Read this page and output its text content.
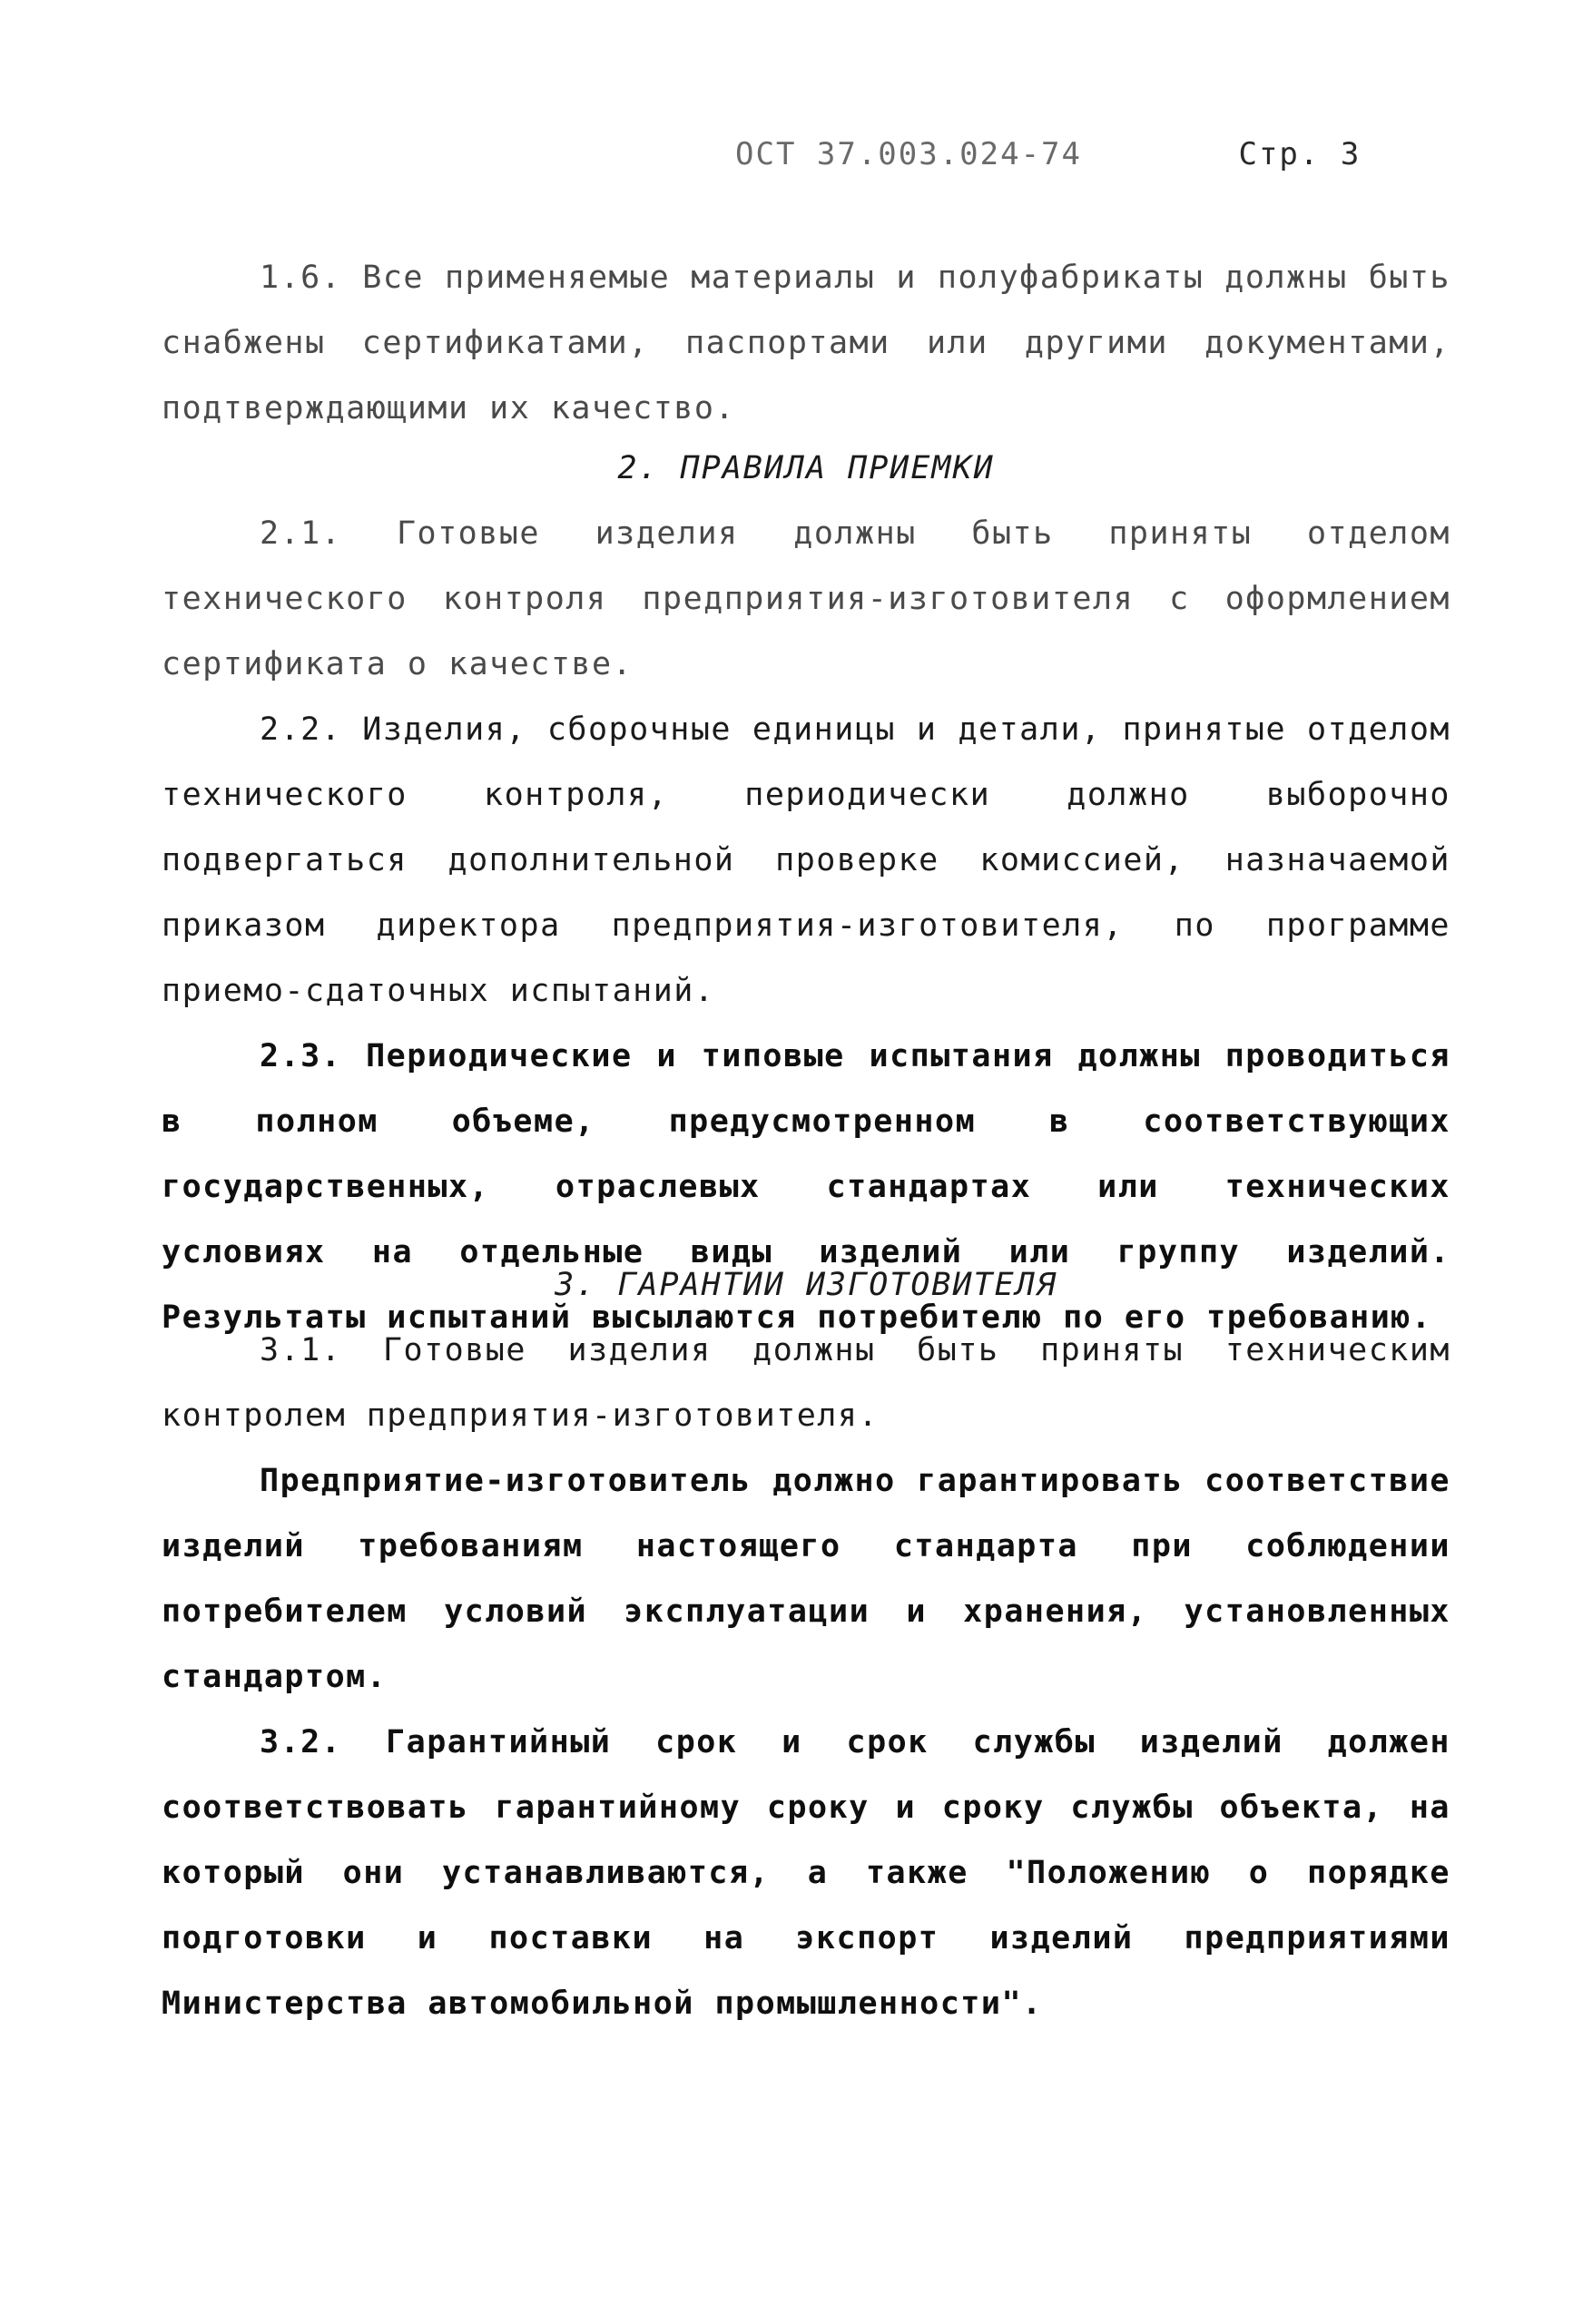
ОСТ 37.003.024-74	Стр. 3

1.6. Все применяемые материалы и полуфабрикаты должны быть снабжены сертификатами, паспортами или другими документами, подтверждающими их качество.

2. ПРАВИЛА ПРИЕМКИ

2.1. Готовые изделия должны быть приняты отделом технического контроля предприятия-изготовителя с оформлением сертификата о качестве.

2.2. Изделия, сборочные единицы и детали, принятые отделом технического контроля, периодически должно выборочно подвергаться дополнительной проверке комиссией, назначаемой приказом директора предприятия-изготовителя, по программе приемо-сдаточных испытаний.

2.3. Периодические и типовые испытания должны проводиться в полном объеме, предусмотренном в соответствующих государственных, отраслевых стандартах или технических условиях на отдельные виды изделий или группу изделий. Результаты испытаний высылаются потребителю по его требованию.

3. ГАРАНТИИ ИЗГОТОВИТЕЛЯ

3.1. Готовые изделия должны быть приняты техническим контролем предприятия-изготовителя.

Предприятие-изготовитель должно гарантировать соответствие изделий требованиям настоящего стандарта при соблюдении потребителем условий эксплуатации и хранения, установленных стандартом.

3.2. Гарантийный срок и срок службы изделий должен соответствовать гарантийному сроку и сроку службы объекта, на который они устанавливаются, а также "Положению о порядке подготовки и поставки на экспорт изделий предприятиями Министерства автомобильной промышленности".
